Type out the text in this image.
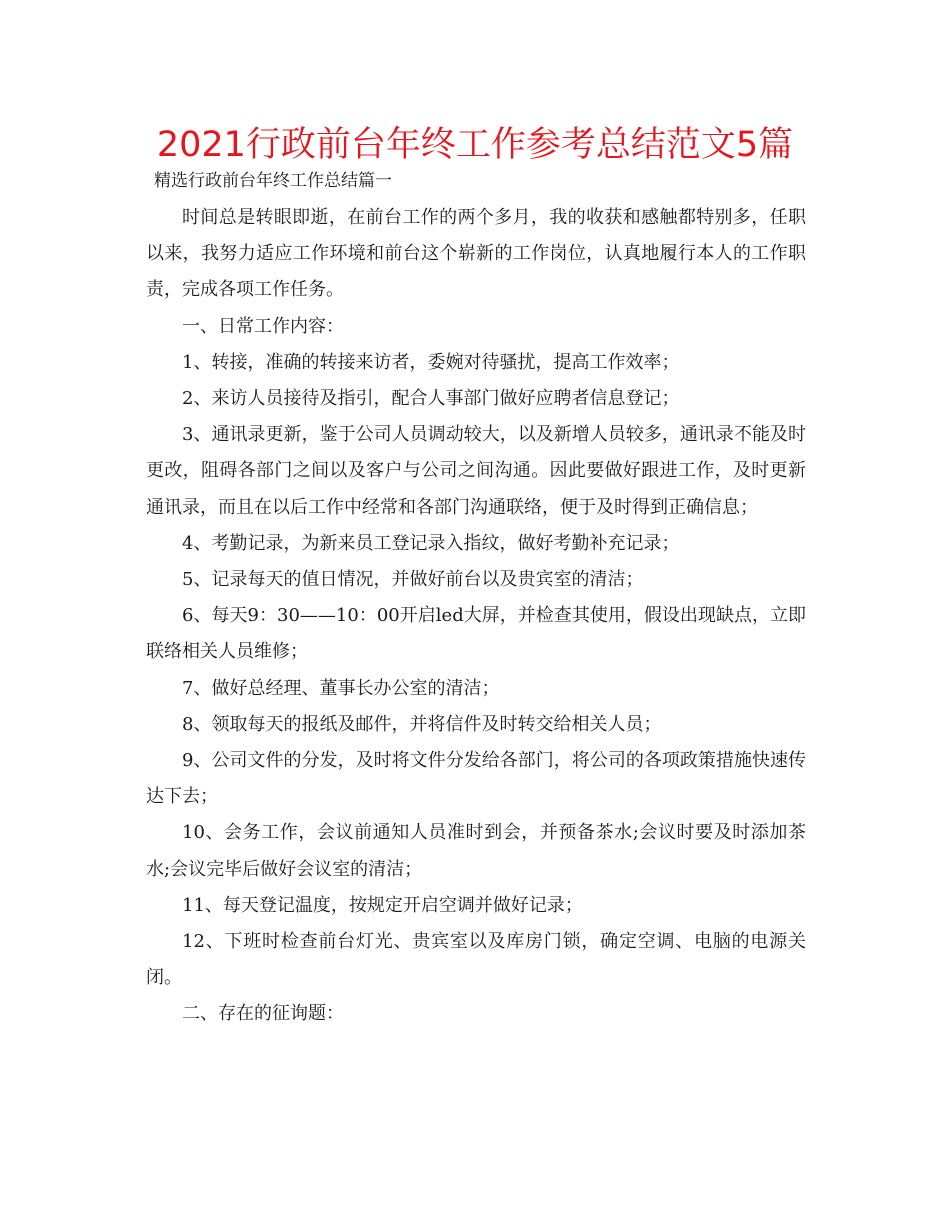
2021行政前台年终工作参考总结范文5篇

精选行政前台年终工作总结篇一

时间总是转眼即逝，在前台工作的两个多月，我的收获和感触都特别多，任职以来，我努力适应工作环境和前台这个崭新的工作岗位，认真地履行本人的工作职责，完成各项工作任务。

一、日常工作内容：

1、转接，准确的转接来访者，委婉对待骚扰，提高工作效率；

2、来访人员接待及指引，配合人事部门做好应聘者信息登记；

3、通讯录更新，鉴于公司人员调动较大，以及新增人员较多，通讯录不能及时更改，阻碍各部门之间以及客户与公司之间沟通。因此要做好跟进工作，及时更新通讯录，而且在以后工作中经常和各部门沟通联络，便于及时得到正确信息；

4、考勤记录，为新来员工登记录入指纹，做好考勤补充记录；

5、记录每天的值日情况，并做好前台以及贵宾室的清洁；

6、每天9：30——10：00开启led大屏，并检查其使用，假设出现缺点，立即联络相关人员维修；

7、做好总经理、董事长办公室的清洁；

8、领取每天的报纸及邮件，并将信件及时转交给相关人员；

9、公司文件的分发，及时将文件分发给各部门，将公司的各项政策措施快速传达下去；

10、会务工作，会议前通知人员准时到会，并预备茶水;会议时要及时添加茶水;会议完毕后做好会议室的清洁；

11、每天登记温度，按规定开启空调并做好记录；

12、下班时检查前台灯光、贵宾室以及库房门锁，确定空调、电脑的电源关闭。

二、存在的征询题：
